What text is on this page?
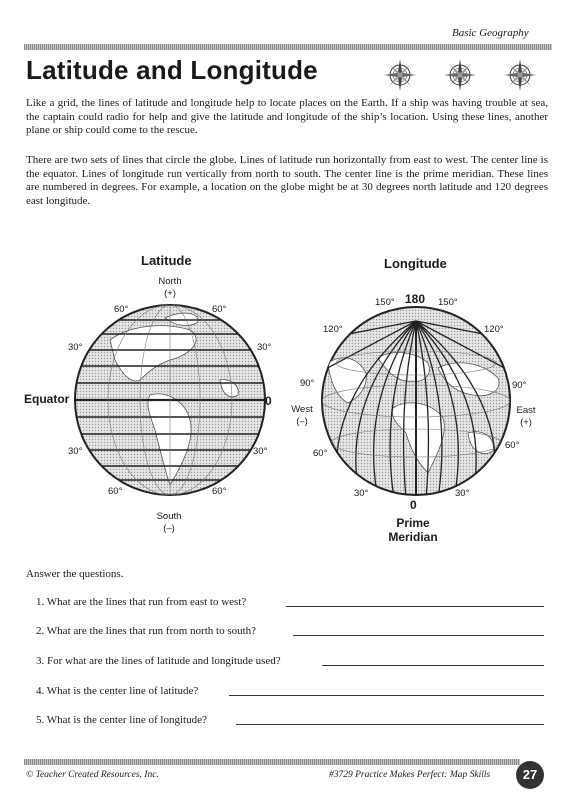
Basic Geography
Latitude and Longitude
Like a grid, the lines of latitude and longitude help to locate places on the Earth. If a ship was having trouble at sea, the captain could radio for help and give the latitude and longitude of the ship’s location. Using these lines, another plane or ship could come to the rescue.
There are two sets of lines that circle the globe. Lines of latitude run horizontally from east to west. The center line is the equator. Lines of longitude run vertically from north to south. The center line is the prime meridian. These lines are numbered in degrees. For example, a location on the globe might be at 30 degrees north latitude and 120 degrees east longitude.
Latitude
North
(+)
60°	60°
30°	30°
Equator	0
30°	30°
60°	60°
South
(–)
Longitude
150° 180 150°
120°	120°
90°	90°
West
(–)
East
(+)
60°
60°
30°	30°
0
Prime
Meridian
Answer the questions.
1. What are the lines that run from east to west?
2. What are the lines that run from north to south?
3. For what are the lines of latitude and longitude used?
4. What is the center line of latitude?
5. What is the center line of longitude?
© Teacher Created Resources, Inc.	#3729 Practice Makes Perfect: Map Skills	27
